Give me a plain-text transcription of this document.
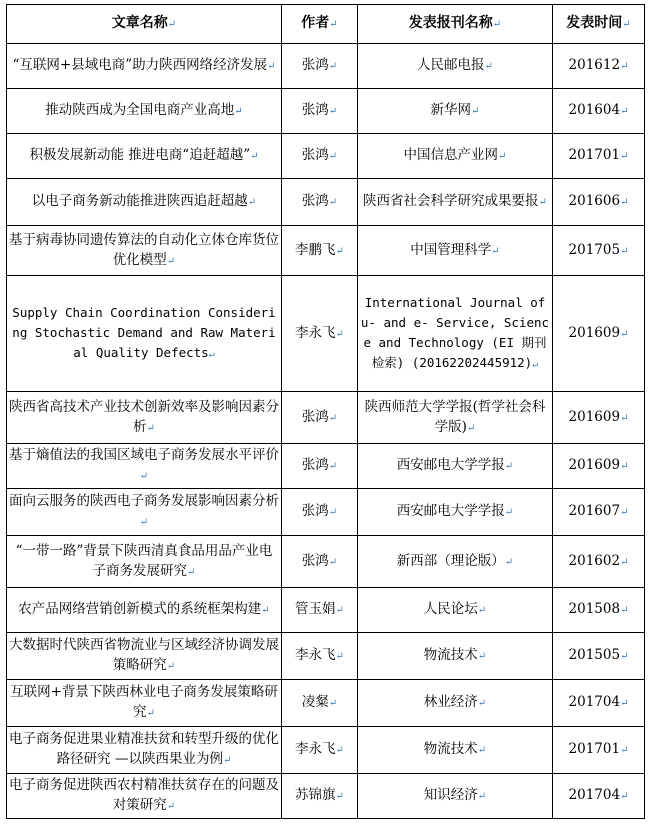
文章名称↵	作者↵	发表报刊名称↵	发表时间↵
“互联网+县域电商”助力陕西网络经济发展↵	张鸿↵	人民邮电报↵	201612↵
推动陕西成为全国电商产业高地↵	张鸿↵	新华网↵	201604↵
积极发展新动能 推进电商“追赶超越”↵	张鸿↵	中国信息产业网↵	201701↵
以电子商务新动能推进陕西追赶超越↵	张鸿↵	陕西省社会科学研究成果要报↵	201606↵
基于病毒协同遗传算法的自动化立体仓库货位优化模型↵	李鹏飞↵	中国管理科学↵	201705↵
Supply Chain Coordination Considering Stochastic Demand and Raw Material Quality Defects↵	李永飞↵	International Journal of u- and e- Service, Science and Technology (EI 期刊检索) (20162202445912)↵	201609↵
陕西省高技术产业技术创新效率及影响因素分析↵	张鸿↵	陕西师范大学学报(哲学社会科学版)↵	201609↵
基于熵值法的我国区域电子商务发展水平评价↵	张鸿↵	西安邮电大学学报↵	201609↵
面向云服务的陕西电子商务发展影响因素分析↵	张鸿↵	西安邮电大学学报↵	201607↵
“一带一路”背景下陕西清真食品用品产业电子商务发展研究↵	张鸿↵	新西部（理论版）↵	201602↵
农产品网络营销创新模式的系统框架构建↵	管玉娟↵	人民论坛↵	201508↵
大数据时代陕西省物流业与区域经济协调发展策略研究↵	李永飞↵	物流技术↵	201505↵
互联网+背景下陕西林业电子商务发展策略研究↵	凌粲↵	林业经济↵	201704↵
电子商务促进果业精准扶贫和转型升级的优化路径研究 —以陕西果业为例↵	李永飞↵	物流技术↵	201701↵
电子商务促进陕西农村精准扶贫存在的问题及对策研究↵	苏锦旗↵	知识经济↵	201704↵
